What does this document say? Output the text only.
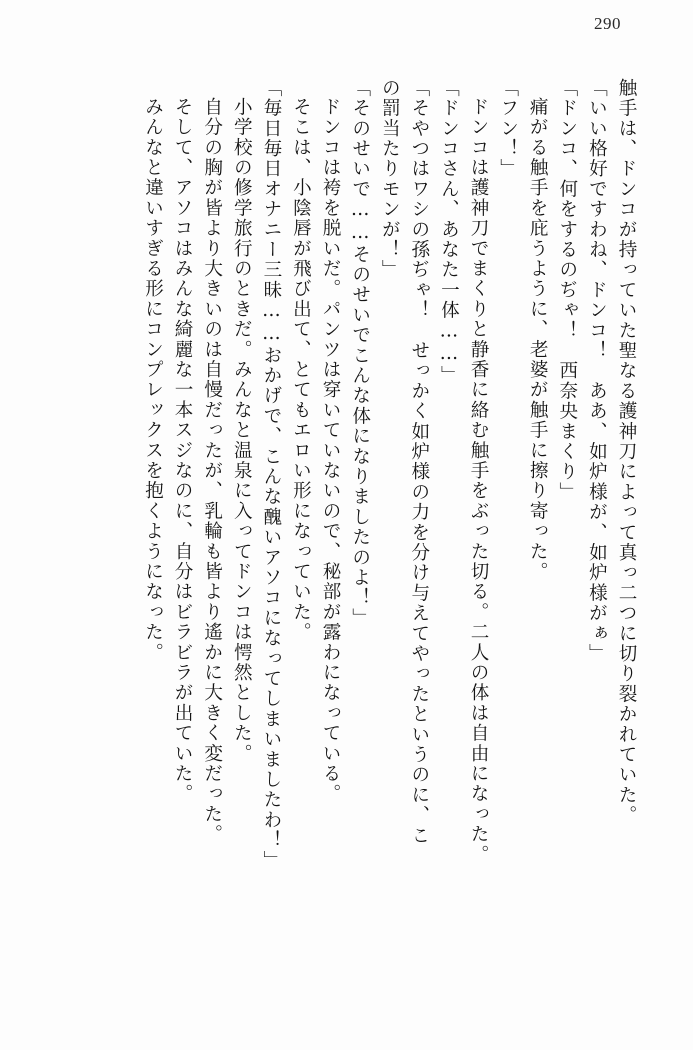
290
触手は、ドンコが持っていた聖なる護神刀によって真っ二つに切り裂かれていた。
「いい格好ですわね、ドンコ！　ああ、如炉様が、如炉様がぁ」
「ドンコ、何をするのぢゃ！　西奈央まくり」
痛がる触手を庇うように、老婆が触手に擦り寄った。
「フン！」
ドンコは護神刀でまくりと静香に絡む触手をぶった切る。二人の体は自由になった。
「ドンコさん、あなた一体……」
「そやつはワシの孫ぢゃ！　せっかく如炉様の力を分け与えてやったというのに、こ
の罰当たりモンが！」
「そのせいで……そのせいでこんな体になりましたのよ！」
ドンコは袴を脱いだ。パンツは穿いていないので、秘部が露わになっている。
そこは、小陰唇が飛び出て、とてもエロい形になっていた。
「毎日毎日オナニー三昧……おかげで、こんな醜いアソコになってしまいましたわ！」
小学校の修学旅行のときだ。みんなと温泉に入ってドンコは愕然とした。
自分の胸が皆より大きいのは自慢だったが、乳輪も皆より遙かに大きく変だった。
そして、アソコはみんな綺麗な一本スジなのに、自分はビラビラが出ていた。
みんなと違いすぎる形にコンプレックスを抱くようになった。
